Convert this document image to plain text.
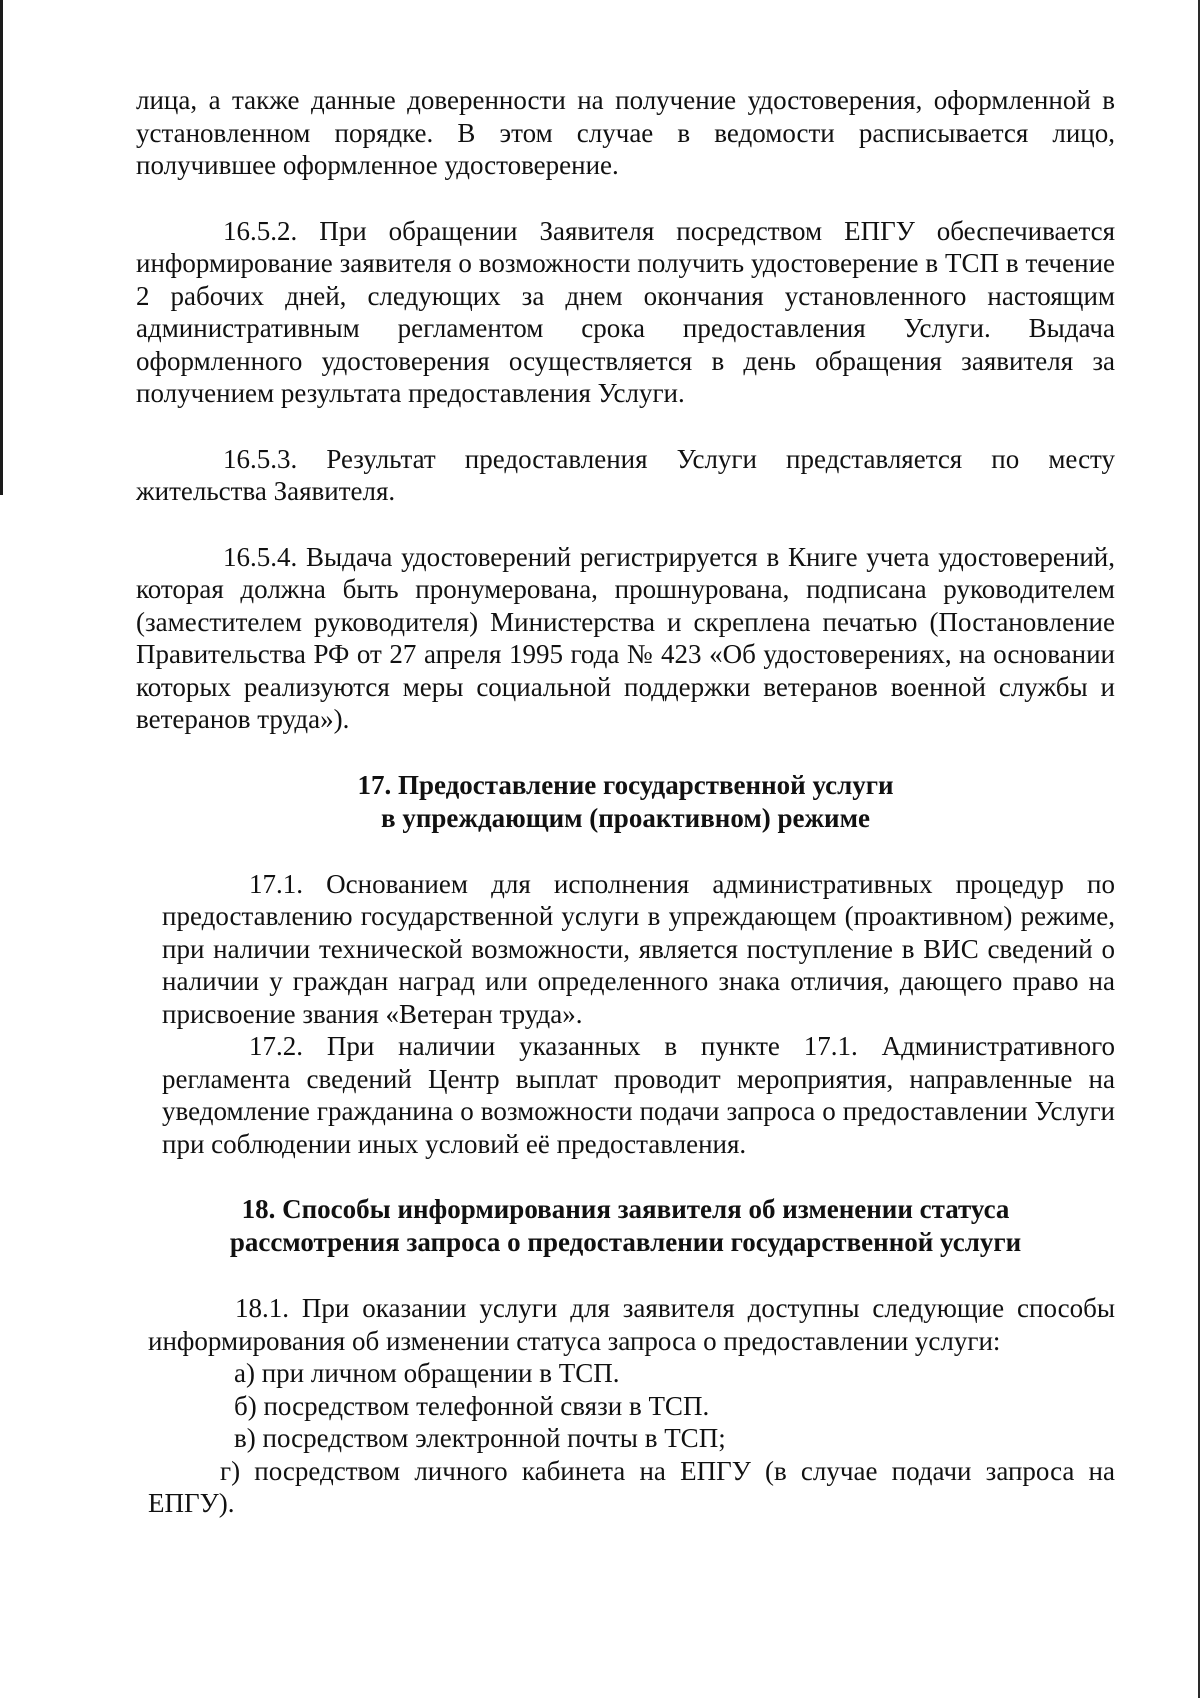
лица, а также данные доверенности на получение удостоверения, оформленной в установленном порядке. В этом случае в ведомости расписывается лицо, получившее оформленное удостоверение.

16.5.2. При обращении Заявителя посредством ЕПГУ обеспечивается информирование заявителя о возможности получить удостоверение в ТСП в течение 2 рабочих дней, следующих за днем окончания установленного настоящим административным регламентом срока предоставления Услуги. Выдача оформленного удостоверения осуществляется в день обращения заявителя за получением результата предоставления Услуги.

16.5.3. Результат предоставления Услуги представляется по месту жительства Заявителя.

16.5.4. Выдача удостоверений регистрируется в Книге учета удостоверений, которая должна быть пронумерована, прошнурована, подписана руководителем (заместителем руководителя) Министерства и скреплена печатью (Постановление Правительства РФ от 27 апреля 1995 года № 423 «Об удостоверениях, на основании которых реализуются меры социальной поддержки ветеранов военной службы и ветеранов труда»).

17. Предоставление государственной услуги
в упреждающим (проактивном) режиме

17.1. Основанием для исполнения административных процедур по предоставлению государственной услуги в упреждающем (проактивном) режиме, при наличии технической возможности, является поступление в ВИС сведений о наличии у граждан наград или определенного знака отличия, дающего право на присвоение звания «Ветеран труда».

17.2. При наличии указанных в пункте 17.1. Административного регламента сведений Центр выплат проводит мероприятия, направленные на уведомление гражданина о возможности подачи запроса о предоставлении Услуги при соблюдении иных условий её предоставления.

18. Способы информирования заявителя об изменении статуса
рассмотрения запроса о предоставлении государственной услуги

18.1. При оказании услуги для заявителя доступны следующие способы информирования об изменении статуса запроса о предоставлении услуги:

а) при личном обращении в ТСП.

б) посредством телефонной связи в ТСП.

в) посредством электронной почты в ТСП;

г) посредством личного кабинета на ЕПГУ (в случае подачи запроса на ЕПГУ).
